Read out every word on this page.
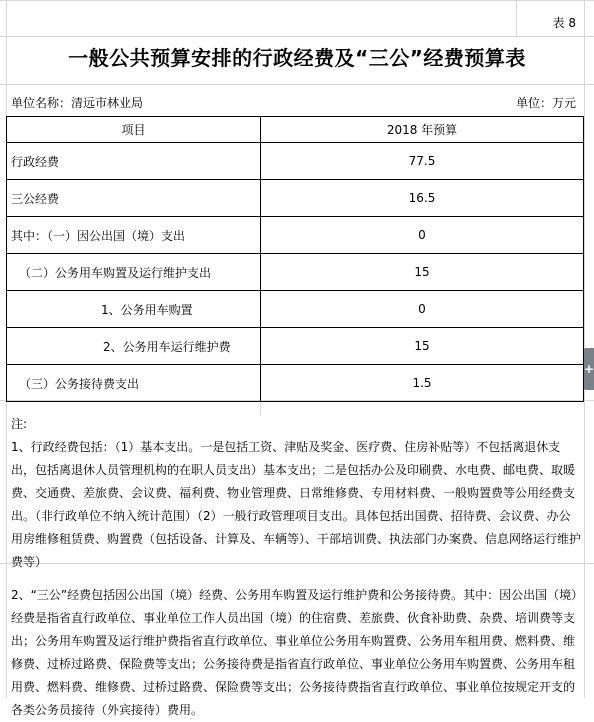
表 8
一般公共预算安排的行政经费及“三公”经费预算表
单位名称：清远市林业局	单位：万元
项目	2018 年预算
行政经费	77.5
三公经费	16.5
其中：（一）因公出国（境）支出	0
（二）公务用车购置及运行维护支出	15
1、公务用车购置	0
2、公务用车运行维护费	15
（三）公务接待费支出	1.5

注:

1、行政经费包括：（1）基本支出。一是包括工资、津贴及奖金、医疗费、住房补贴等）不包括离退休支出，包括离退休人员管理机构的在职人员支出）基本支出；二是包括办公及印刷费、水电费、邮电费、取暖费、交通费、差旅费、会议费、福利费、物业管理费、日常维修费、专用材料费、一般购置费等公用经费支出。（非行政单位不纳入统计范围）（2）一般行政管理项目支出。具体包括出国费、招待费、会议费、办公用房维修租赁费、购置费（包括设备、计算及、车辆等）、干部培训费、执法部门办案费、信息网络运行维护费等）

2、“三公”经费包括因公出国（境）经费、公务用车购置及运行维护费和公务接待费。其中：因公出国（境）经费是指省直行政单位、事业单位工作人员出国（境）的住宿费、差旅费、伙食补助费、杂费、培训费等支出；公务用车购置及运行维护费指省直行政单位、事业单位公务用车购置费、公务用车租用费、燃料费、维修费、过桥过路费、保险费等支出；公务接待费是指省直行政单位、事业单位公务用车购置费、公务用车租用费、燃料费、维修费、过桥过路费、保险费等支出；公务接待费指省直行政单位、事业单位按规定开支的各类公务员接待（外宾接待）费用。

+
